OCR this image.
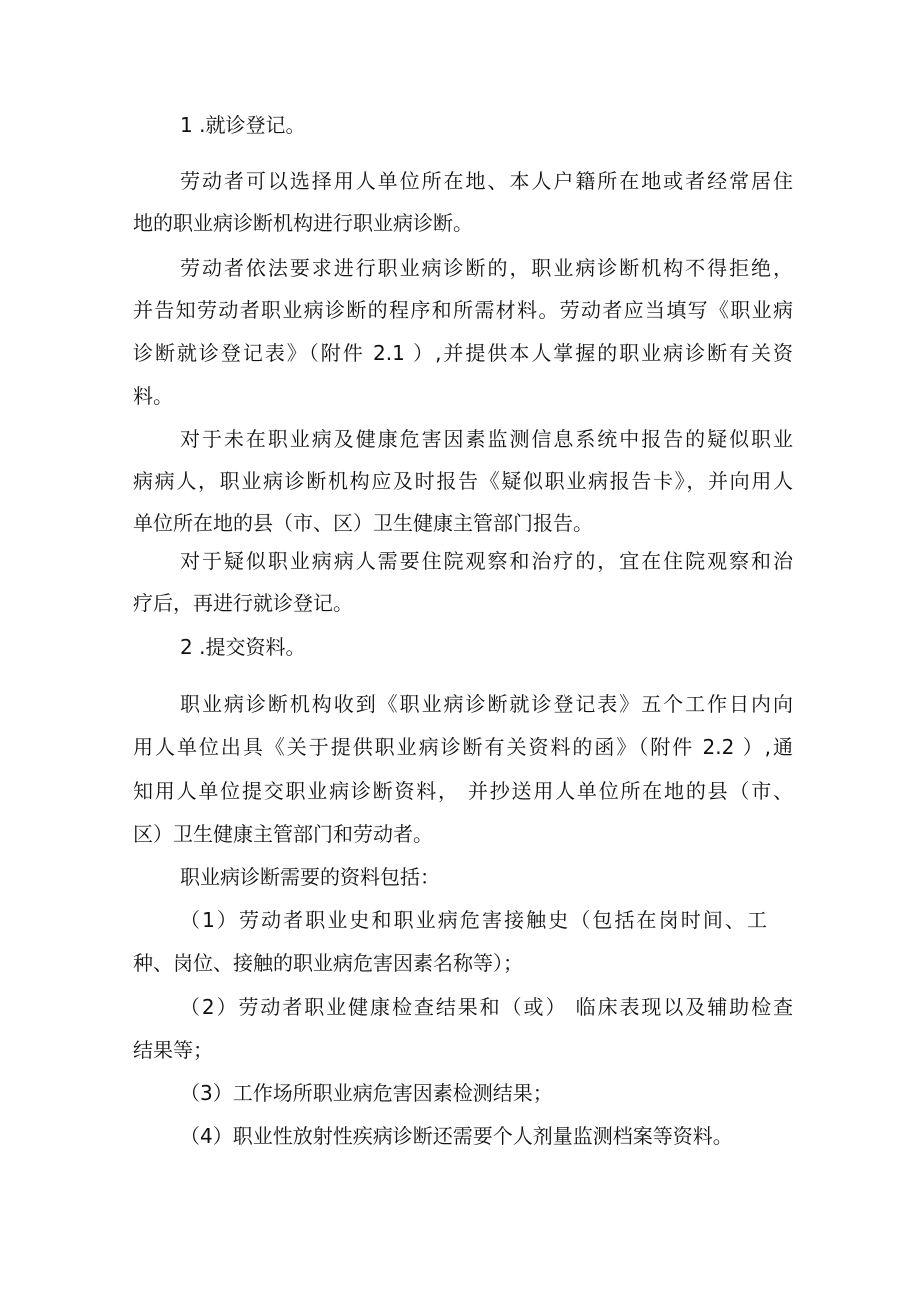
1 .就诊登记。

劳动者可以选择用人单位所在地、本人户籍所在地或者经常居住

地的职业病诊断机构进行职业病诊断。

劳动者依法要求进行职业病诊断的，职业病诊断机构不得拒绝，

并告知劳动者职业病诊断的程序和所需材料。劳动者应当填写《职业病

诊断就诊登记表》（附件 2.1 ）,并提供本人掌握的职业病诊断有关资

料。

对于未在职业病及健康危害因素监测信息系统中报告的疑似职业

病病人，职业病诊断机构应及时报告《疑似职业病报告卡》，并向用人

单位所在地的县（市、区）卫生健康主管部门报告。

对于疑似职业病病人需要住院观察和治疗的，宜在住院观察和治

疗后，再进行就诊登记。

2 .提交资料。

职业病诊断机构收到《职业病诊断就诊登记表》五个工作日内向

用人单位出具《关于提供职业病诊断有关资料的函》（附件 2.2 ）,通

知用人单位提交职业病诊断资料， 并抄送用人单位所在地的县（市、

区）卫生健康主管部门和劳动者。

职业病诊断需要的资料包括：

（1）劳动者职业史和职业病危害接触史（包括在岗时间、工

种、岗位、接触的职业病危害因素名称等）；

（2）劳动者职业健康检查结果和（或） 临床表现以及辅助检查

结果等；

（3）工作场所职业病危害因素检测结果；

（4）职业性放射性疾病诊断还需要个人剂量监测档案等资料。
